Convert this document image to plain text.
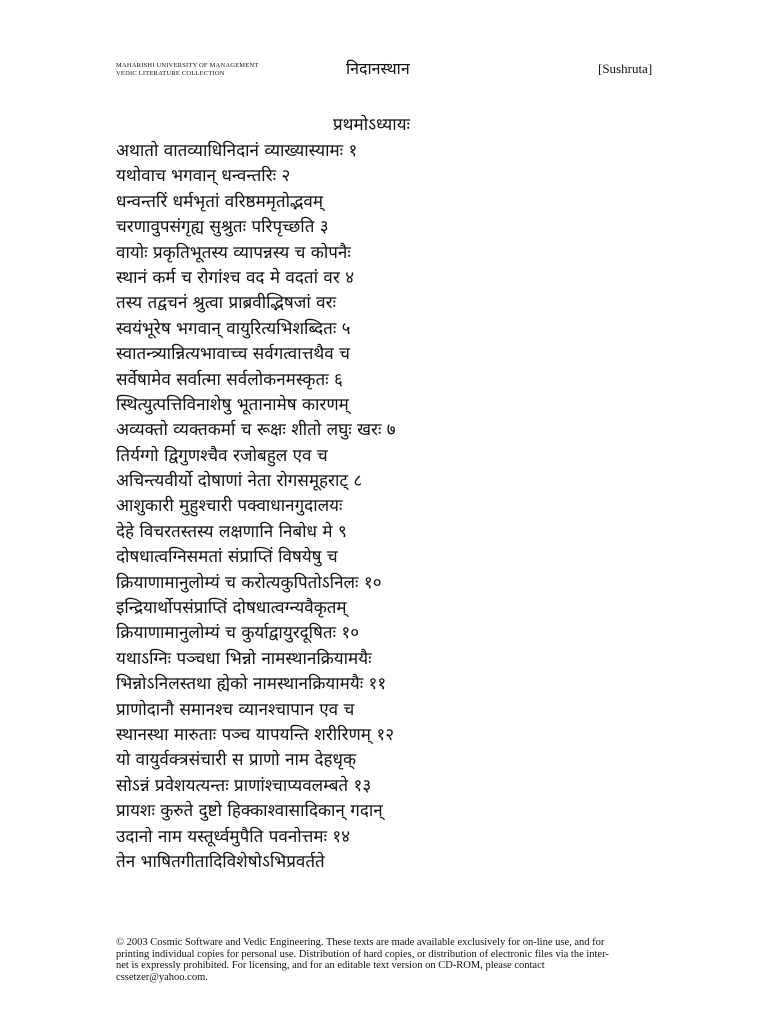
MAHARISHI UNIVERSITY OF MANAGEMENT
VEDIC LITERATURE COLLECTION	निदानस्थान	[Sushruta]
प्रथमोऽध्यायः
अथातो वातव्याधिनिदानं व्याख्यास्यामः १
यथोवाच भगवान् धन्वन्तरिः २
धन्वन्तरिं धर्मभृतां वरिष्ठममृतोद्भवम्
चरणावुपसंगृह्य सुश्रुतः परिपृच्छति ३
वायोः प्रकृतिभूतस्य व्यापन्नस्य च कोपनैः
स्थानं कर्म च रोगांश्च वद मे वदतां वर ४
तस्य तद्वचनं श्रुत्वा प्राब्रवीद्भिषजां वरः
स्वयंभूरेष भगवान् वायुरित्यभिशब्दितः ५
स्वातन्त्र्यान्नित्यभावाच्च सर्वगत्वात्तथैव च
सर्वेषामेव सर्वात्मा सर्वलोकनमस्कृतः ६
स्थित्युत्पत्तिविनाशेषु भूतानामेष कारणम्
अव्यक्तो व्यक्तकर्मा च रूक्षः शीतो लघुः खरः ७
तिर्यग्गो द्विगुणश्चैव रजोबहुल एव च
अचिन्त्यवीर्यो दोषाणां नेता रोगसमूहराट् ८
आशुकारी मुहुश्चारी पक्वाधानगुदालयः
देहे विचरतस्तस्य लक्षणानि निबोध मे ९
दोषधात्वग्निसमतां संप्राप्तिं विषयेषु च
क्रियाणामानुलोम्यं च करोत्यकुपितोऽनिलः १०
इन्द्रियार्थोपसंप्राप्तिं दोषधात्वग्न्यवैकृतम्
क्रियाणामानुलोम्यं च कुर्याद्वायुरदूषितः १०
यथाऽग्निः पञ्चधा भिन्नो नामस्थानक्रियामयैः
भिन्नोऽनिलस्तथा ह्येको नामस्थानक्रियामयैः ११
प्राणोदानौ समानश्च व्यानश्चापान एव च
स्थानस्था मारुताः पञ्च यापयन्ति शरीरिणम् १२
यो वायुर्वक्त्रसंचारी स प्राणो नाम देहधृक्
सोऽन्नं प्रवेशयत्यन्तः प्राणांश्चाप्यवलम्बते १३
प्रायशः कुरुते दुष्टो हिक्काश्वासादिकान् गदान्
उदानो नाम यस्तूर्ध्वमुपैति पवनोत्तमः १४
तेन भाषितगीतादिविशेषोऽभिप्रवर्तते
© 2003 Cosmic Software and Vedic Engineering. These texts are made available exclusively for on-line use, and for
printing individual copies for personal use. Distribution of hard copies, or distribution of electronic files via the inter-
net is expressly prohibited. For licensing, and for an editable text version on CD-ROM, please contact
cssetzer@yahoo.com.
